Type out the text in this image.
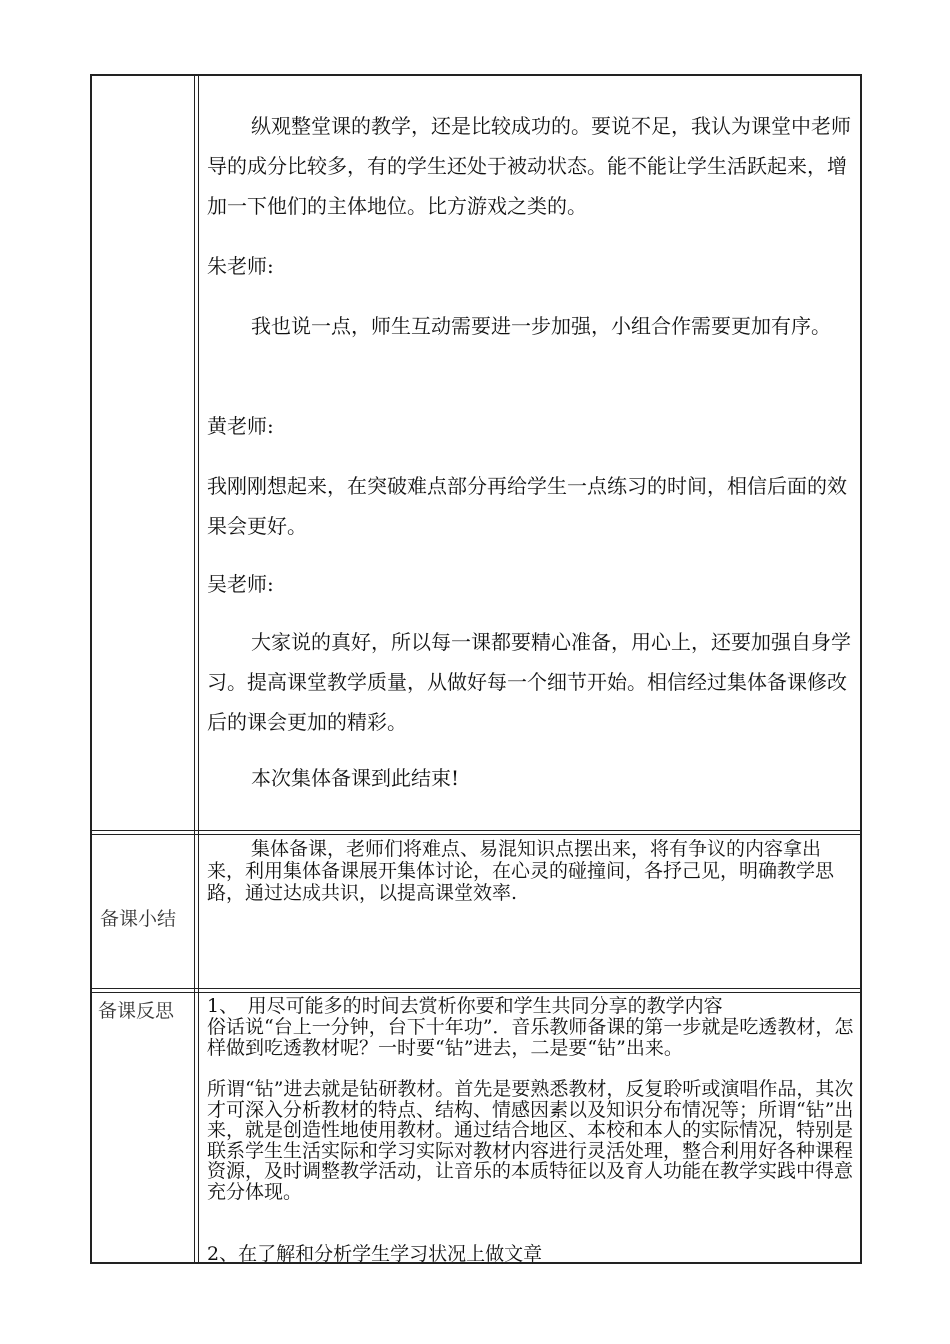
纵观整堂课的教学，还是比较成功的。要说不足，我认为课堂中老师导的成分比较多，有的学生还处于被动状态。能不能让学生活跃起来，增加一下他们的主体地位。比方游戏之类的。

朱老师:

我也说一点，师生互动需要进一步加强，小组合作需要更加有序。

黄老师:

我刚刚想起来，在突破难点部分再给学生一点练习的时间，相信后面的效果会更好。

吴老师:

大家说的真好，所以每一课都要精心准备，用心上，还要加强自身学习。提高课堂教学质量，从做好每一个细节开始。相信经过集体备课修改后的课会更加的精彩。

本次集体备课到此结束!

备课小结

集体备课，老师们将难点、易混知识点摆出来，将有争议的内容拿出来，利用集体备课展开集体讨论，在心灵的碰撞间，各抒己见，明确教学思路，通过达成共识，以提高课堂效率.

备课反思 1、　用尽可能多的时间去赏析你要和学生共同分享的教学内容

俗话说“台上一分钟，台下十年功”．音乐教师备课的第一步就是吃透教材，怎样做到吃透教材呢？一时要“钻”进去，二是要“钻”出来。

所谓“钻”进去就是钻研教材。首先是要熟悉教材，反复聆听或演唱作品，其次才可深入分析教材的特点、结构、情感因素以及知识分布情况等；所谓“钻”出来，就是创造性地使用教材。通过结合地区、本校和本人的实际情况，特别是联系学生生活实际和学习实际对教材内容进行灵活处理，整合利用好各种课程资源，及时调整教学活动，让音乐的本质特征以及育人功能在教学实践中得意充分体现。

2、在了解和分析学生学习状况上做文章
